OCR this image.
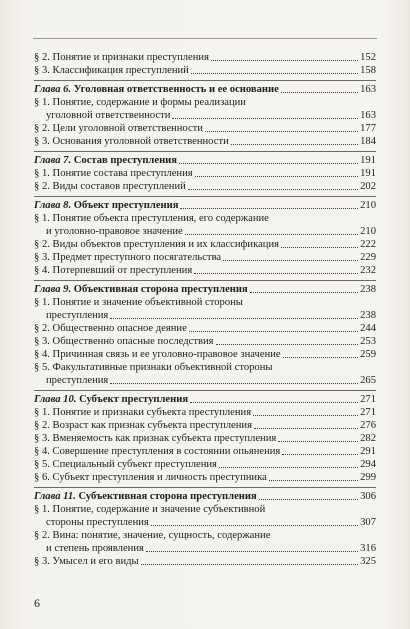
§ 2. Понятие и признаки преступления	152
§ 3. Классификация преступлений	158
Глава 6. Уголовная ответственность и ее основание	163
§ 1. Понятие, содержание и формы реализации
уголовной ответственности	163
§ 2. Цели уголовной ответственности	177
§ 3. Основания уголовной ответственности	184
Глава 7. Состав преступления	191
§ 1. Понятие состава преступления	191
§ 2. Виды составов преступлений	202
Глава 8. Объект преступления	210
§ 1. Понятие объекта преступления, его содержание
и уголовно-правовое значение	210
§ 2. Виды объектов преступления и их классификация	222
§ 3. Предмет преступного посягательства	229
§ 4. Потерпевший от преступления	232
Глава 9. Объективная сторона преступления	238
§ 1. Понятие и значение объективной стороны
преступления	238
§ 2. Общественно опасное деяние	244
§ 3. Общественно опасные последствия	253
§ 4. Причинная связь и ее уголовно-правовое значение	259
§ 5. Факультативные признаки объективной стороны
преступления	265
Глава 10. Субъект преступления	271
§ 1. Понятие и признаки субъекта преступления	271
§ 2. Возраст как признак субъекта преступления	276
§ 3. Вменяемость как признак субъекта преступления	282
§ 4. Совершение преступления в состоянии опьянения	291
§ 5. Специальный субъект преступления	294
§ 6. Субъект преступления и личность преступника	299
Глава 11. Субъективная сторона преступления	306
§ 1. Понятие, содержание и значение субъективной
стороны преступления	307
§ 2. Вина: понятие, значение, сущность, содержание
и степень проявления	316
§ 3. Умысел и его виды	325
6
